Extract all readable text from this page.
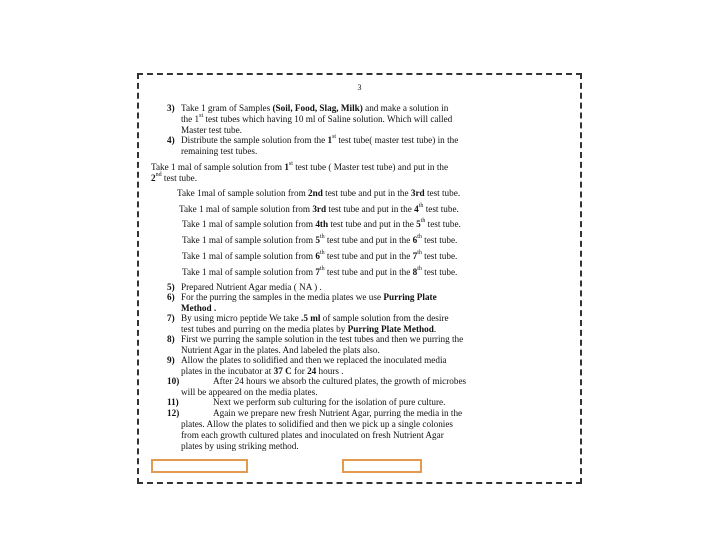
3
3) Take 1 gram of Samples (Soil, Food, Slag, Milk) and make a solution in
the 1st test tubes which having 10 ml of Saline solution. Which will called
Master test tube.
4) Distribute the sample solution from the 1st test tube( master test tube) in the
remaining test tubes.
Take 1 mal of sample solution from 1st test tube ( Master test tube) and put in the
2nd test tube.
Take 1mal of sample solution from 2nd test tube and put in the 3rd test tube.
Take 1 mal of sample solution from 3rd test tube and put in the 4th test tube.
Take 1 mal of sample solution from 4th test tube and put in the 5th test tube.
Take 1 mal of sample solution from 5th test tube and put in the 6th test tube.
Take 1 mal of sample solution from 6th test tube and put in the 7th test tube.
Take 1 mal of sample solution from 7th test tube and put in the 8th test tube.
5) Prepared Nutrient Agar media ( NA ) .
6) For the purring the samples in the media plates we use Purring Plate
Method .
7) By using micro peptide We take .5 ml of sample solution from the desire
test tubes and purring on the media plates by Purring Plate Method.
8) First we purring the sample solution in the test tubes and then we purring the
Nutrient Agar in the plates. And labeled the plats also.
9) Allow the plates to solidified and then we replaced the inoculated media
plates in the incubator at 37 C for 24 hours .
10)	After 24 hours we absorb the cultured plates, the growth of microbes
will be appeared on the media plates.
11)	Next we perform sub culturing for the isolation of pure culture.
12)	Again we prepare new fresh Nutrient Agar, purring the media in the
plates. Allow the plates to solidified and then we pick up a single colonies
from each growth cultured plates and inoculated on fresh Nutrient Agar
plates by using striking method.
